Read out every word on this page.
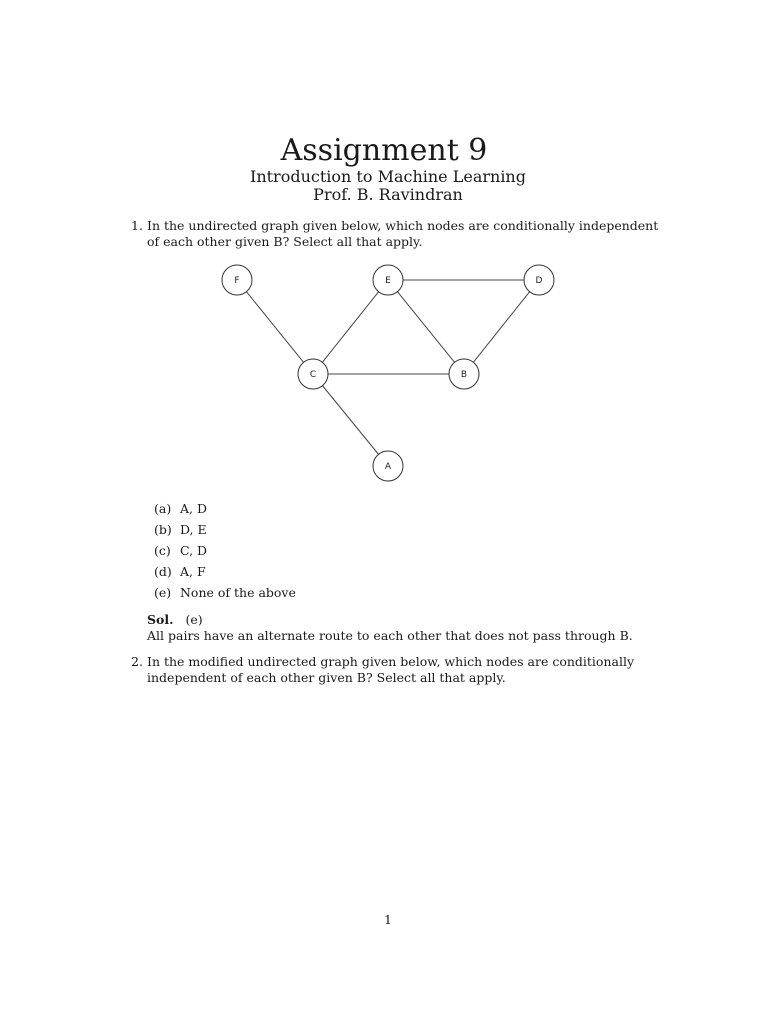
Assignment 9
Introduction to Machine Learning
Prof. B. Ravindran
1. In the undirected graph given below, which nodes are conditionally independent of each other given B? Select all that apply.
F	E	D
C	B
A
(a) A, D
(b) D, E
(c) C, D
(d) A, F
(e) None of the above
Sol. (e)
All pairs have an alternate route to each other that does not pass through B.
2. In the modified undirected graph given below, which nodes are conditionally independent of each other given B? Select all that apply.
1
